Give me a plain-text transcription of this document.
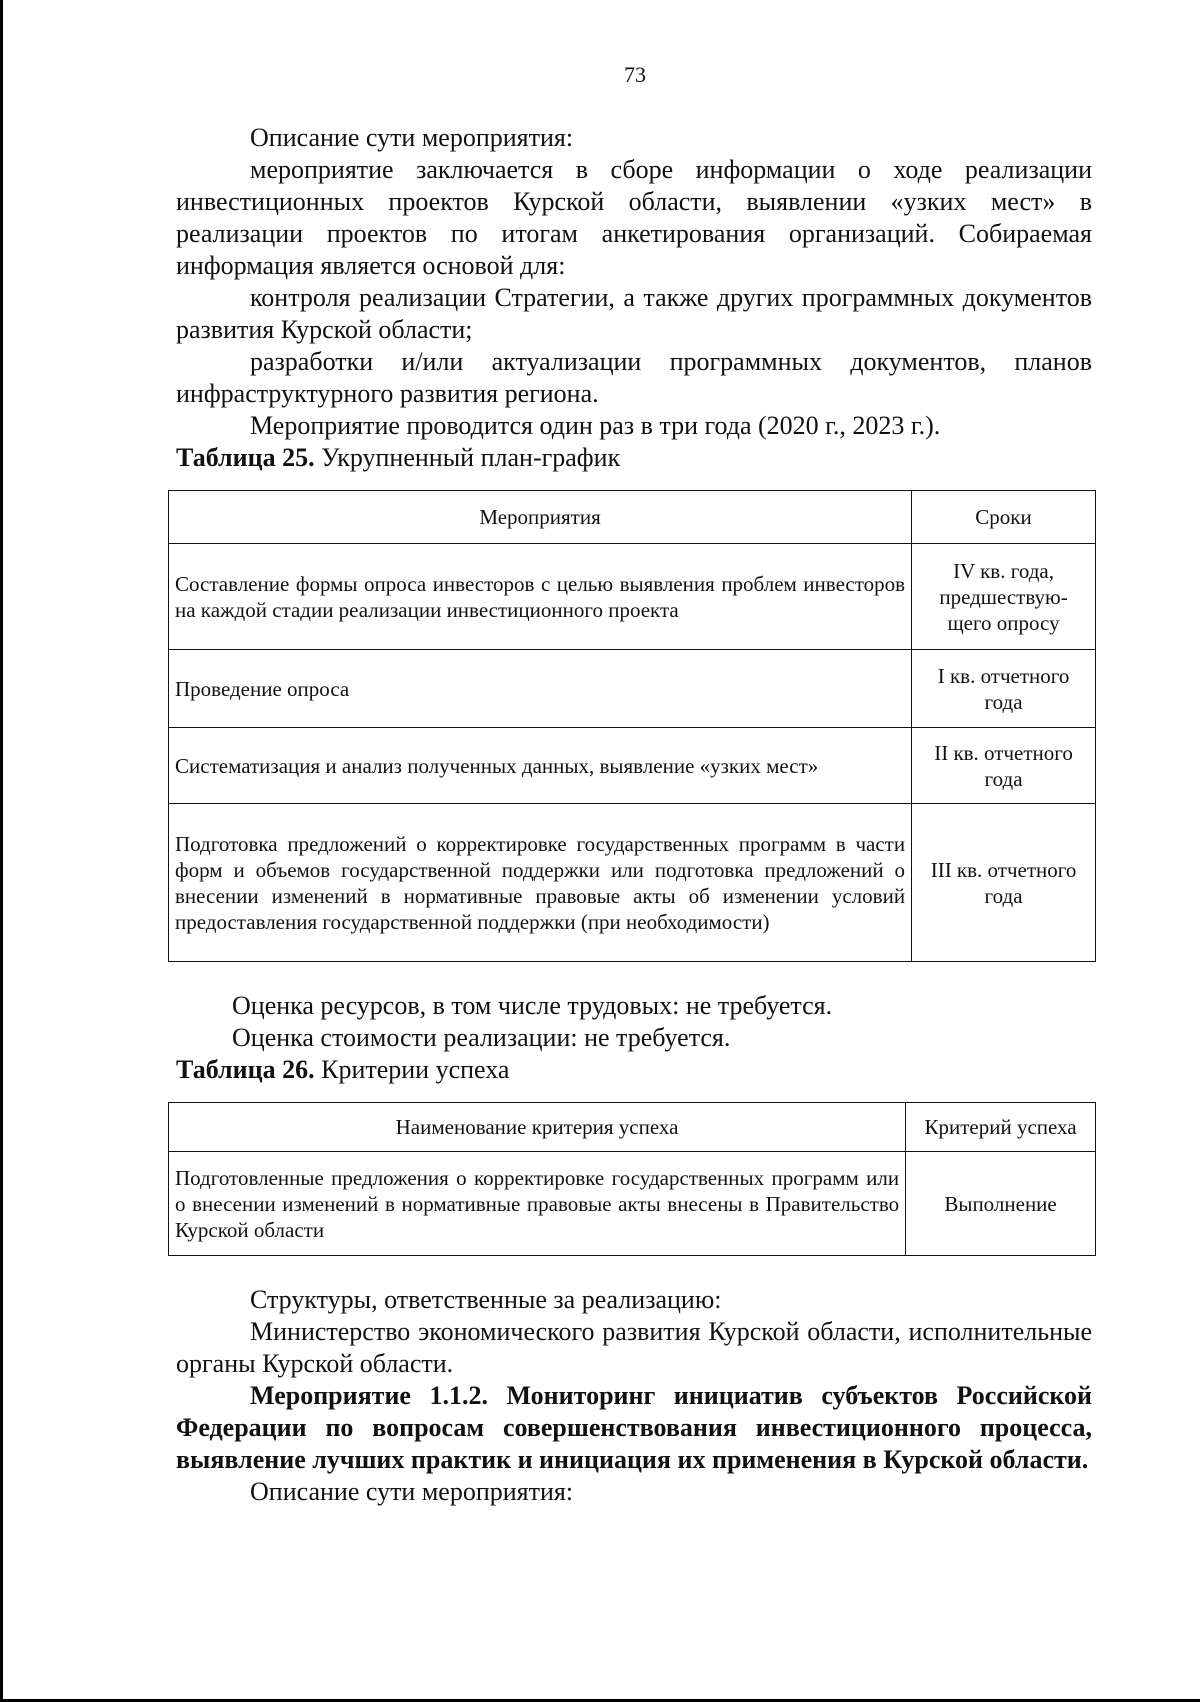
73

Описание сути мероприятия:

мероприятие заключается в сборе информации о ходе реализации инвестиционных проектов Курской области, выявлении «узких мест» в реализации проектов по итогам анкетирования организаций. Собираемая информация является основой для:

контроля реализации Стратегии, а также других программных документов развития Курской области;

разработки и/или актуализации программных документов, планов инфраструктурного развития региона.

Мероприятие проводится один раз в три года (2020 г., 2023 г.).

Таблица 25. Укрупненный план-график

Мероприятия	Сроки
Составление формы опроса инвесторов с целью выявления проблем инвесторов на каждой стадии реализации инвестиционного проекта	IV кв. года, предшествую-щего опросу
Проведение опроса	I кв. отчетного года
Систематизация и анализ полученных данных, выявление «узких мест»	II кв. отчетного года
Подготовка предложений о корректировке государственных программ в части форм и объемов государственной поддержки или подготовка предложений о внесении изменений в нормативные правовые акты об изменении условий предоставления государственной поддержки (при необходимости)	III кв. отчетного года

Оценка ресурсов, в том числе трудовых: не требуется.

Оценка стоимости реализации: не требуется.

Таблица 26. Критерии успеха

Наименование критерия успеха	Критерий успеха
Подготовленные предложения о корректировке государственных программ или о внесении изменений в нормативные правовые акты внесены в Правительство Курской области	Выполнение

Структуры, ответственные за реализацию:

Министерство экономического развития Курской области, исполнительные органы Курской области.

Мероприятие 1.1.2. Мониторинг инициатив субъектов Российской Федерации по вопросам совершенствования инвестиционного процесса, выявление лучших практик и инициация их применения в Курской области.

Описание сути мероприятия:
